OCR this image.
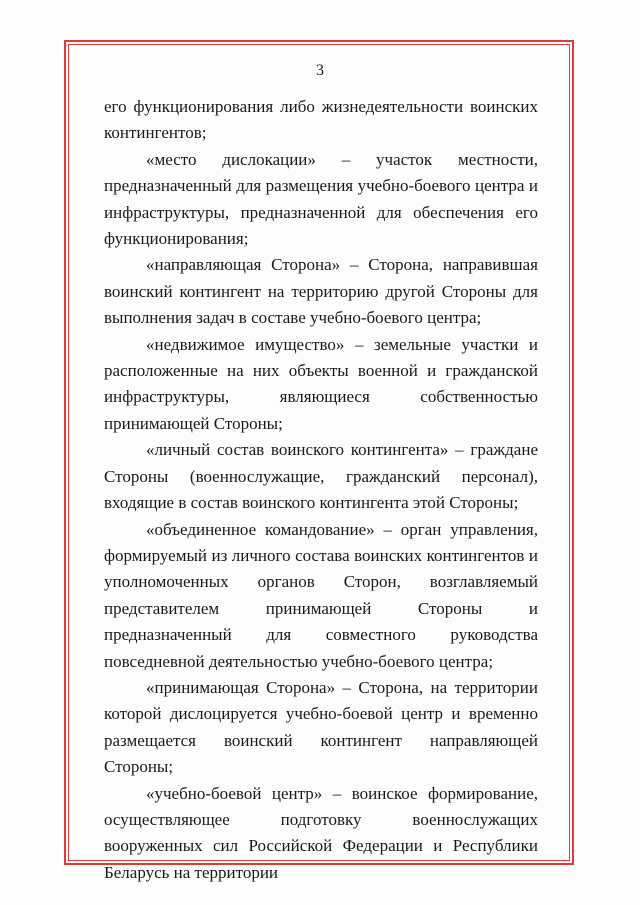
3

его функционирования либо жизнедеятельности воинских контингентов;

«место дислокации» – участок местности, предназначенный для размещения учебно-боевого центра и инфраструктуры, предназначенной для обеспечения его функционирования;

«направляющая Сторона» – Сторона, направившая воинский контингент на территорию другой Стороны для выполнения задач в составе учебно-боевого центра;

«недвижимое имущество» – земельные участки и расположенные на них объекты военной и гражданской инфраструктуры, являющиеся собственностью принимающей Стороны;

«личный состав воинского контингента» – граждане Стороны (военнослужащие, гражданский персонал), входящие в состав воинского контингента этой Стороны;

«объединенное командование» – орган управления, формируемый из личного состава воинских контингентов и уполномоченных органов Сторон, возглавляемый представителем принимающей Стороны и предназначенный для совместного руководства повседневной деятельностью учебно-боевого центра;

«принимающая Сторона» – Сторона, на территории которой дислоцируется учебно-боевой центр и временно размещается воинский контингент направляющей Стороны;

«учебно-боевой центр» – воинское формирование, осуществляющее подготовку военнослужащих вооруженных сил Российской Федерации и Республики Беларусь на территории
